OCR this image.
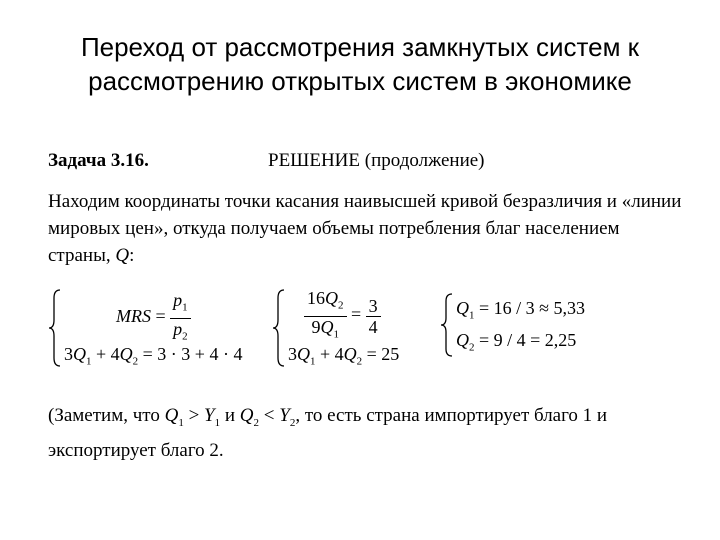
Переход от рассмотрения замкнутых систем к
рассмотрению открытых систем в экономике
Задача 3.16.	РЕШЕНИЕ (продолжение)
Находим координаты точки касания наивысшей кривой безразличия и «линии мировых цен», откуда получаем объемы потребления благ населением страны, Q:
MRS = $\frac{p_1}{p_2}$
$3Q_1 + 4Q_2 = 3 \cdot 3 + 4 \cdot 4$
$\frac{16Q_2}{9Q_1} = \frac{3}{4}$
$3Q_1 + 4Q_2 = 25$
$Q_1 = 16 / 3 \approx 5,33$
$Q_2 = 9 / 4 = 2,25$
(Заметим, что $Q_1 > Y_1$ и $Q_2 < Y_2$, то есть страна импортирует благо 1 и экспортирует благо 2.
